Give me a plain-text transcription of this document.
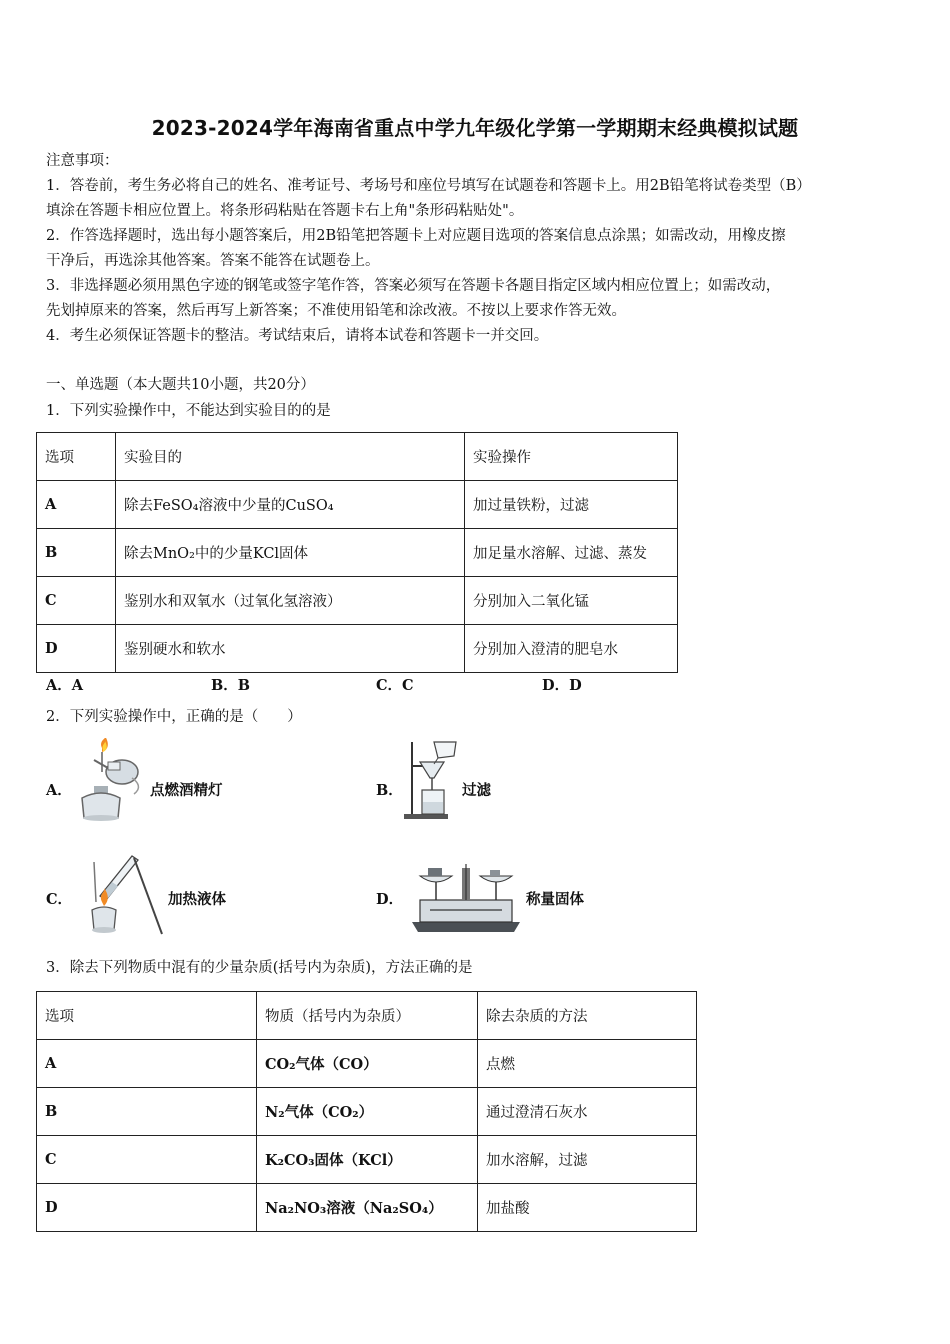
2023-2024学年海南省重点中学九年级化学第一学期期末经典模拟试题
注意事项：
1．答卷前，考生务必将自己的姓名、准考证号、考场号和座位号填写在试题卷和答题卡上。用2B铅笔将试卷类型（B）
填涂在答题卡相应位置上。将条形码粘贴在答题卡右上角"条形码粘贴处"。
2．作答选择题时，选出每小题答案后，用2B铅笔把答题卡上对应题目选项的答案信息点涂黑；如需改动，用橡皮擦
干净后，再选涂其他答案。答案不能答在试题卷上。
3．非选择题必须用黑色字迹的钢笔或签字笔作答，答案必须写在答题卡各题目指定区域内相应位置上；如需改动，
先划掉原来的答案，然后再写上新答案；不准使用铅笔和涂改液。不按以上要求作答无效。
4．考生必须保证答题卡的整洁。考试结束后，请将本试卷和答题卡一并交回。
一、单选题（本大题共10小题，共20分）
1．下列实验操作中，不能达到实验目的的是
选项	实验目的	实验操作
A	除去FeSO₄溶液中少量的CuSO₄	加过量铁粉，过滤
B	除去MnO₂中的少量KCl固体	加足量水溶解、过滤、蒸发
C	鉴别水和双氧水（过氧化氢溶液）	分别加入二氧化锰
D	鉴别硬水和软水	分别加入澄清的肥皂水
A．A	B．B	C．C	D．D
2．下列实验操作中，正确的是（　　）
A．	点燃酒精灯	B．	过滤
C．	加热液体	D．	称量固体
3．除去下列物质中混有的少量杂质(括号内为杂质)，方法正确的是
选项	物质（括号内为杂质）	除去杂质的方法
A	CO₂气体（CO）	点燃
B	N₂气体（CO₂）	通过澄清石灰水
C	K₂CO₃固体（KCl）	加水溶解，过滤
D	Na₂NO₃溶液（Na₂SO₄）	加盐酸
